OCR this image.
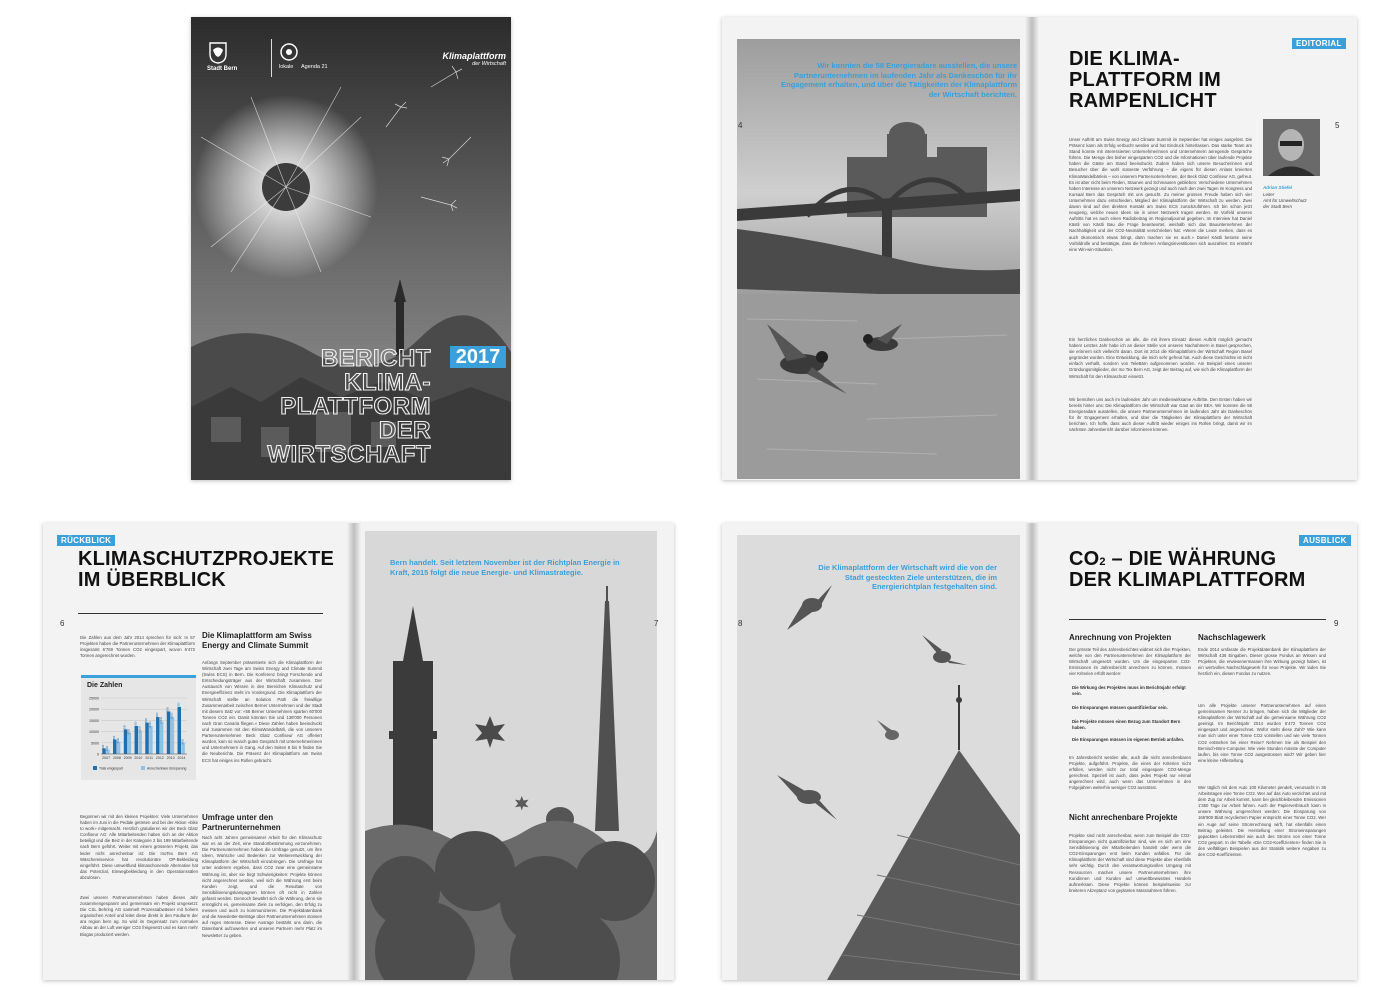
Stadt Bern	lokale Agenda 21
Klimaplattform
der Wirtschaft
BERICHT
KLIMA-
PLATTFORM
DER
WIRTSCHAFT
2017
Wir konnten die 58 Energieradare ausstellen, die unsere Partnerunternehmen im laufenden Jahr als Dankeschön für ihr Engagement erhalten, und über die Tätigkeiten der Klimaplattform der Wirtschaft berichten.
4
EDITORIAL
DIE KLIMA-
PLATTFORM IM
RAMPENLICHT
5
Unser Auftritt am Swiss Energy and Climate Summit im September hat einiges ausgelöst. Die Präsenz kann als Erfolg verbucht werden und hat Eindruck hinterlassen. Das starke Team am Stand konnte mit interessierten Unternehmerinnen und Unternehmern anregende Gespräche führen. Die Menge des bisher eingesparten CO2 und die Informationen über laufende Projekte haben die Gäste am Stand beeindruckt. Zudem haben sich unsere Besucherinnen und Besucher über die wohl süsseste Verführung – die eigens für diesen Anlass kreierten KlimaWandelbärlein – von unserem Partnerunternehmen, der Beck Glatz Confiseur AG, gefreut. Es ist aber nicht beim Reden, Staunen und Schmausen geblieben: Verschiedene Unternehmen haben Interesse an unserem Netzwerk gezeigt und auch nach den zwei Tagen im Kongress und Kursaal Bern das Gespräch mit uns gesucht. Zu meiner grossen Freude haben sich vier Unternehmen dazu entschieden, Mitglied der Klimaplattform der Wirtschaft zu werden. Zwei davon sind auf den direkten Kontakt am Swiss ECS zurückzuführen. Ich bin schon jetzt neugierig, welche neuen Ideen sie in unser Netzwerk tragen werden. Im Vorfeld unseres Auftritts hat es auch einen Radiobeitrag im Regionaljournal gegeben. Im Interview hat Daniel Kästli von Kästli Bau die Frage beantwortet, weshalb sich das Bauunternehmen der Nachhaltigkeit und der CO2-Neutralität verschrieben hat: «Wenn die Leute merken, dass es auch ökonomisch etwas bringt, dann machen sie es auch.» Daniel Kästli betonte seine Vorbildrolle und bestätigte, dass die höheren Anfangsinvestitionen sich auszahlen: Es entsteht eine Win-win-Situation.
Ein herzliches Dankeschön an alle, die mit ihrem Einsatz diesen Auftritt möglich gemacht haben! Letztes Jahr habe ich an dieser Stelle von unseren Nachahmern in Basel gesprochen, sie erinnern sich vielleicht daran. Dort ist 2014 die Klimaplattform der Wirtschaft Region Basel gegründet worden. Eine Entwicklung, die mich sehr gefreut hat. Auch diese Geschichte ist nicht einfach verhallt, sondern von TeleBärn aufgenommen worden. Am Beispiel eines unserer Gründungsmitglieder, der Ino Tex Bern AG, zeigt der Beitrag auf, wie sich die Klimaplattform der Wirtschaft für den Klimaschutz einsetzt.
Wir bemühen uns auch im laufenden Jahr um medienwirksame Auftritte. Den Ersten haben wir bereits hinter uns: Die Klimaplattform der Wirtschaft war Gast an der BEA. Wir konnten die 58 Energieradare ausstellen, die unsere Partnerunternehmen im laufenden Jahr als Dankeschön für ihr Engagement erhalten, und über die Tätigkeiten der Klimaplattform der Wirtschaft berichten. Ich hoffe, dass auch dieser Auftritt wieder einiges ins Rollen bringt, damit wir im nächsten Jahresbericht darüber informieren können.
Adrian Stiefel
Leiter
Amt für Umweltschutz
der Stadt Bern
RÜCKBLICK
KLIMASCHUTZPROJEKTE
IM ÜBERBLICK
6
Die Zahlen aus dem Jahr 2014 sprechen für sich: In 57 Projekten haben die Partnerunternehmen der Klimaplattform insgesamt 6'769 Tonnen CO2 eingespart, wovon 6'472 Tonnen angerechnet wurden.
Die Zahlen
0
5000
10000
15000
20000
25000
2500 2000
2007
6500 5500
2008
11000
9500
2009
12500
10500
2010
14000
12500
2011
16500
14500
2012
19000
16500
2013
21000
5000
2014
Total eingespart	Anrechenbare Einsparung
Begonnen wir mit den kleinen Projekten: Viele Unternehmen haben im Juni in die Pedale getreten und bei der Aktion «bike to work» mitgemacht. Herzlich gratulieren wir der Beck Glatz Confiseur AG: Alle Mitarbeitenden haben sich an der Aktion beteiligt und die Beiz in der Kategorie 2 bis 199 Mitarbeitende nach Bern geführt. Weiter mit einem grösseren Projekt, das leider nicht anrechenbar ist: Die InoTex Bern AG Wäschereiservice hat revolutionäre OP-Bekleidung eingeführt. Diese umweltfund klimaschonende Alternative hat das Potenzial, Einwegbekleidung in den Operationssälen abzulösen.
Zwei unserer Partnerunternehmen haben dieses Jahr zusammengespannt und gemeinsam ein Projekt umgesetzt: Die CSL Behring AG sammelt Prozessabwässer mit hohem organischen Anteil und leitet diese direkt in den Faulturm der ara region bern ag. So wird im Gegensatz zum normalen Abbau an der Luft weniger CO2 freigesetzt und es kann mehr Biogas produziert werden.
Die Klimaplattform am Swiss Energy and Climate Summit
Anfangs September präsentierte sich die Klimaplattform der Wirtschaft zwei Tage am Swiss Energy and Climate Summit (Swiss ECS) in Bern. Die Konferenz bringt Forschende und Entscheidungsträger aus der Wirtschaft zusammen. Der Austausch von Wissen in den Bereichen Klimaschutz und Energieeffizienz steht im Vordergrund. Die Klimaplattform der Wirtschaft stellte an Solution Path die freiwillige Zusammenarbeit zwischen Berner Unternehmen und der Stadt mit diesem Satz vor: «56 Berner Unternehmen sparten 60'000 Tonnen CO2 ein. Damit könnten Sie und 138'000 Personen nach Gran Canaria fliegen.» Diese Zahlen haben beeindruckt und zusammen mit den KlimaWandelbärli, die von unserem Partnerunternehmen Beck Glatz Confiseur AG offeriert wurden, kam so manch gutes Gespräch mit Unternehmerinnen und Unternehmern in Gang. Auf den Seiten 8 bis 9 finden Sie die Neuberichte. Die Präsenz der Klimaplattform am Swiss ECS hat einiges ins Rollen gebracht.
Umfrage unter den Partnerunternehmen
Nach acht Jahren gemeinsamer Arbeit für den Klimaschutz war es an der Zeit, eine Standortbestimmung vorzunehmen. Die Partnerunternehmen haben die Umfrage genutzt, um ihre Ideen, Wünsche und Bedenken zur Weiterentwicklung der Klimaplattform der Wirtschaft einzubringen. Die Umfrage hat unter anderem ergeben, dass CO2 zwar eine gemeinsame Währung ist, aber sie birgt Schwierigkeiten: Projekte können nicht angerechnet werden, weil sich die Währung erst beim Kunden zeigt, und die Resultate von Sensibilisierungskampagnen können oft nicht in Zahlen gefasst werden. Dennoch bewährt sich die Währung, denn sie ermöglicht es, gemeinsame Ziele zu verfolgen, den Erfolg zu messen und auch zu kommunizieren. Die Projektdatenbank und die Newsletter-Beiträge über Partnerunternehmen stossen auf reges Interesse. Diese Ausrage bestärkt uns darin, die Datenbank aufzuwerten und unseren Partnern mehr Platz im Newsletter zu geben.
Bern handelt. Seit letztem November ist der Richtplan Energie in Kraft, 2015 folgt die neue Energie- und Klimastrategie.
7
Die Klimaplattform der Wirtschaft wird die von der Stadt gesteckten Ziele unterstützen, die im Energierichtplan festgehalten sind.
8
AUSBLICK
CO2 – DIE WÄHRUNG
DER KLIMAPLATTFORM
9
Anrechnung von Projekten
Der grösste Teil des Jahresberichtes widmet sich den Projekten, welche von den Partnerunternehmen der Klimaplattform der Wirtschaft umgesetzt wurden. Um die eingesparten CO2-Emissionen im Jahresbericht anrechnen zu können, müssen vier Kriterien erfüllt werden:
Die Wirkung des Projektes muss im Berichtsjahr erfolgt sein.
Die Einsparungen müssen quantifizierbar sein.
Die Projekte müssen einen Bezug zum Standort Bern haben.
Die Einsparungen müssen im eigenen Betrieb anfallen.
Im Jahresbericht werden alle, auch die nicht anrechenbaren Projekte, aufgeführt. Projekte, die eines der Kriterien nicht erfüllen, werden nicht zur total eingespare CO2-Menge gerechnet. Speziell ist auch, dass jedes Projekt nur einmal angerechnet wird, auch wenn das Unternehmen in den Folgejahren weiterhin weniger CO2 ausstösst.
Nicht anrechenbare Projekte
Projekte sind nicht anrechenbar, wenn zum Beispiel die CO2-Einsparungen nicht quantifizierbar sind, wie es sich um eine Sensibilisierung der Mitarbeitenden handelt oder wenn die CO2-Einsparungen erst beim Kunden anfallen. Für die Klimaplattform der Wirtschaft sind diese Projekte aber ebenfalls sehr wichtig. Durch den verantwortungsvollen Umgang mit Ressourcen machen unsere Partnerunternehmen ihre Kundinnen und Kunden auf umweltbewusstes Handeln aufmerksam. Diese Projekte können beispielsweise zur breiteren Akzeptanz von geplanten Massnahmen führen.
Nachschlagewerk
Ende 2014 umfasste die Projektdatenbank der Klimaplattform der Wirtschaft 436 Eingaben. Dieser grosse Fundus an Wissen und Projekten, die erwiesenermassen ihre Wirkung gezeigt haben, ist ein wertvolles Nachschlagewerk für neue Projekte. Wir laden Sie herzlich ein, diesen Fundus zu nutzen.
Um alle Projekte unserer Partnerunternehmen auf einen gemeinsamen Nenner zu bringen, haben sich die Mitglieder der Klimaplattform der Wirtschaft auf die gemeinsame Währung CO2 geeinigt. Im Berichtsjahr 2014 wurden 6'472 Tonnen CO2 eingespart und angerechnet. Wofür steht diese Zahl? Wie kann man sich unter einer Tonne CO2 vorstellen und wie viele Tonnen CO2 entstehen bei einer Reise? Nehmen Sie als Beispiel den Bernisch-Büro-Computer. Wie viele Stunden müsste der Computer laufen, bis eine Tonne CO2 ausgestossen wird? Wir geben hier eine kleine Hilfestellung.
Wer täglich mit dem Auto 100 Kilometer pendelt, verursacht in 36 Arbeitstagen eine Tonne CO2. Wer auf das Auto verzichtet und mit dem Zug zur Arbeit kommt, kann bei gleichbleibenden Emissionen 1'350 Tage zur Arbeit fahren. Auch der Papierverbrauch kann in unsere Währung umgerechnet werden: Die Einsparung von 166'900 Blatt recycliertem Papier entspricht einer Tonne CO2. Wer ein Auge auf seine Stromrechnung wirft, hat ebenfalls einen Beitrag geleistet. Die Herstellung einer Stromeinsparungen gepackten Lebensmittel wie auch des Stroms von einer Tonne CO2 gespart. In der Tabelle «Die CO2-Koeffizienten» finden Sie in den vielfältigen Beispielen aus der Statistik weitere Angaben zu den CO2-Koeffizienten.
